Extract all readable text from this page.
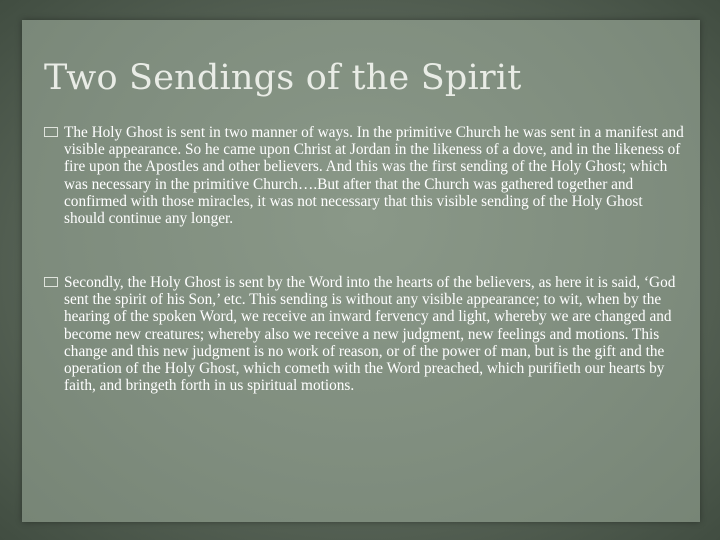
Two Sendings of the Spirit

The Holy Ghost is sent in two manner of ways. In the primitive Church he was sent in a manifest and visible appearance. So he came upon Christ at Jordan in the likeness of a dove, and in the likeness of fire upon the Apostles and other believers. And this was the first sending of the Holy Ghost; which was necessary in the primitive Church….But after that the Church was gathered together and confirmed with those miracles, it was not necessary that this visible sending of the Holy Ghost should continue any longer.

Secondly, the Holy Ghost is sent by the Word into the hearts of the believers, as here it is said, ‘God sent the spirit of his Son,’ etc. This sending is without any visible appearance; to wit, when by the hearing of the spoken Word, we receive an inward fervency and light, whereby we are changed and become new creatures; whereby also we receive a new judgment, new feelings and motions. This change and this new judgment is no work of reason, or of the power of man, but is the gift and the operation of the Holy Ghost, which cometh with the Word preached, which purifieth our hearts by faith, and bringeth forth in us spiritual motions.
